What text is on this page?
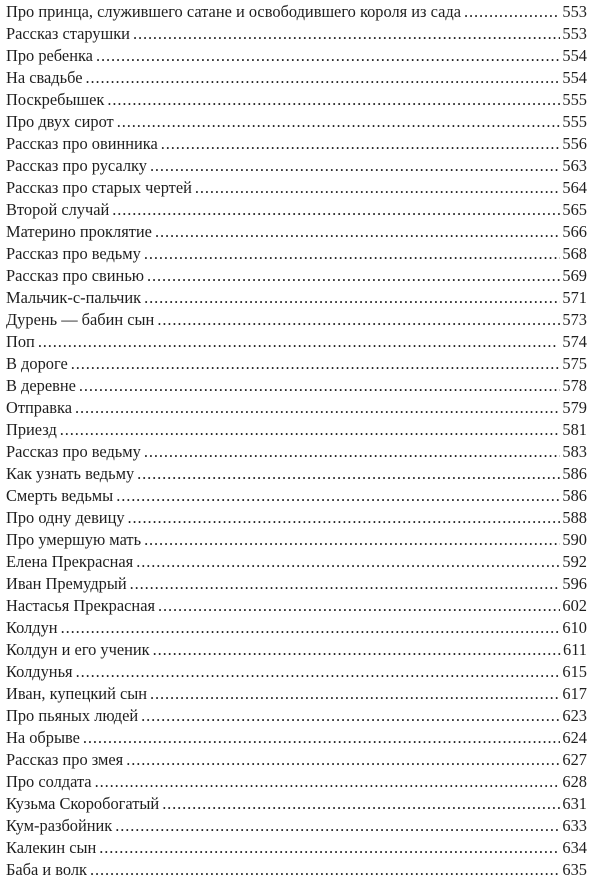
Про принца, служившего сатане и освободившего короля из сада . . .	553
Рассказ старушки . . .	553
Про ребенка . . .	554
На свадьбе . . .	554
Поскребышек . . .	555
Про двух сирот . . .	555
Рассказ про овинника . . .	556
Рассказ про русалку . . .	563
Рассказ про старых чертей . . .	564
Второй случай . . .	565
Материно проклятие . . .	566
Рассказ про ведьму . . .	568
Рассказ про свинью . . .	569
Мальчик-с-пальчик . . .	571
Дурень — бабин сын . . .	573
Поп . . .	574
В дороге . . .	575
В деревне . . .	578
Отправка . . .	579
Приезд . . .	581
Рассказ про ведьму . . .	583
Как узнать ведьму . . .	586
Смерть ведьмы . . .	586
Про одну девицу . . .	588
Про умершую мать . . .	590
Елена Прекрасная . . .	592
Иван Премудрый . . .	596
Настасья Прекрасная . . .	602
Колдун . . .	610
Колдун и его ученик . . .	611
Колдунья . . .	615
Иван, купецкий сын . . .	617
Про пьяных людей . . .	623
На обрыве . . .	624
Рассказ про змея . . .	627
Про солдата . . .	628
Кузьма Скоробогатый . . .	631
Кум-разбойник . . .	633
Калекин сын . . .	634
Баба и волк . . .	635
